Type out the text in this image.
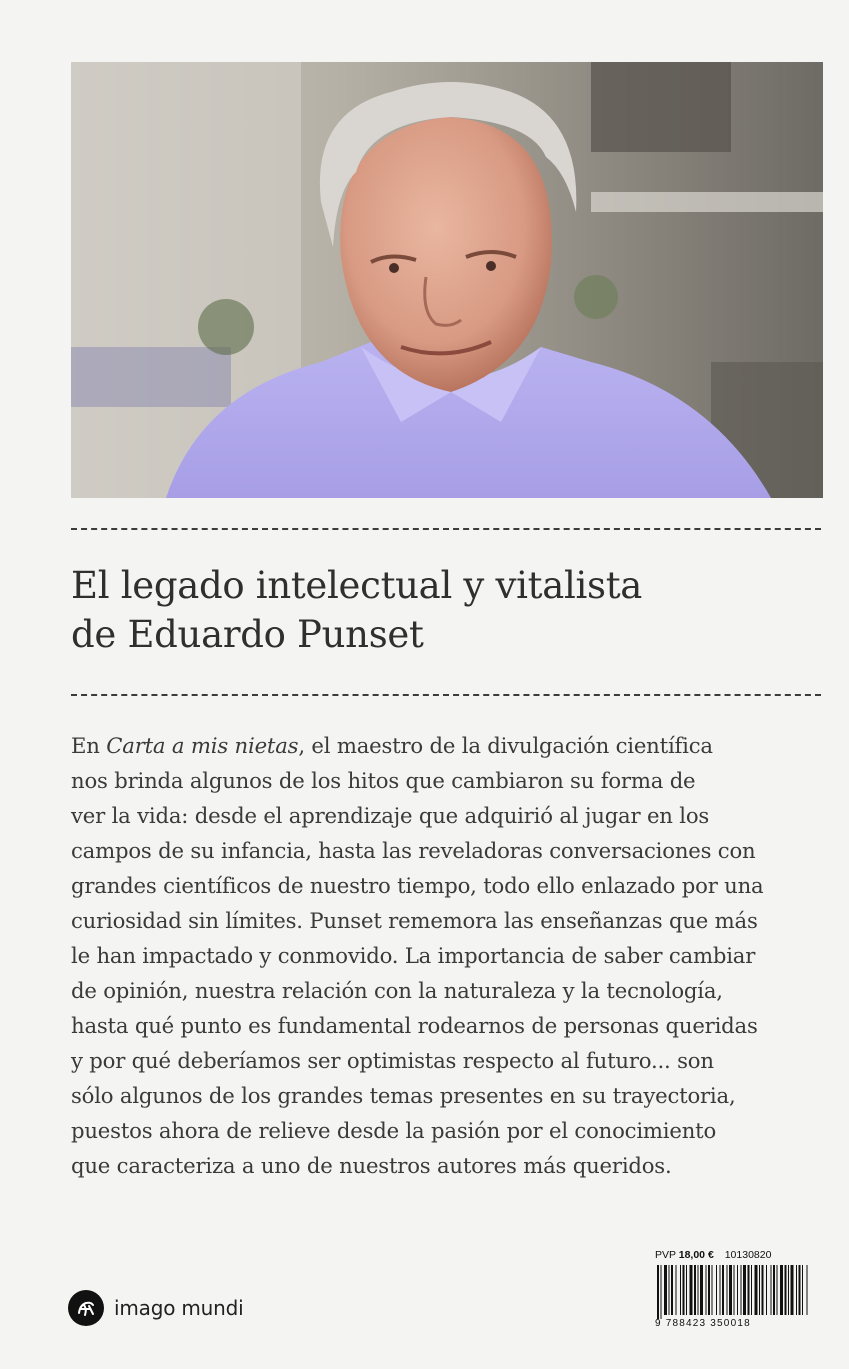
El legado intelectual y vitalista
de Eduardo Punset
En Carta a mis nietas, el maestro de la divulgación científica
nos brinda algunos de los hitos que cambiaron su forma de
ver la vida: desde el aprendizaje que adquirió al jugar en los
campos de su infancia, hasta las reveladoras conversaciones con
grandes científicos de nuestro tiempo, todo ello enlazado por una
curiosidad sin límites. Punset rememora las enseñanzas que más
le han impactado y conmovido. La importancia de saber cambiar
de opinión, nuestra relación con la naturaleza y la tecnología,
hasta qué punto es fundamental rodearnos de personas queridas
y por qué deberíamos ser optimistas respecto al futuro... son
sólo algunos de los grandes temas presentes en su trayectoria,
puestos ahora de relieve desde la pasión por el conocimiento
que caracteriza a uno de nuestros autores más queridos.
imago mundi
PVP 18,00 € 10130820
9 788423 350018
